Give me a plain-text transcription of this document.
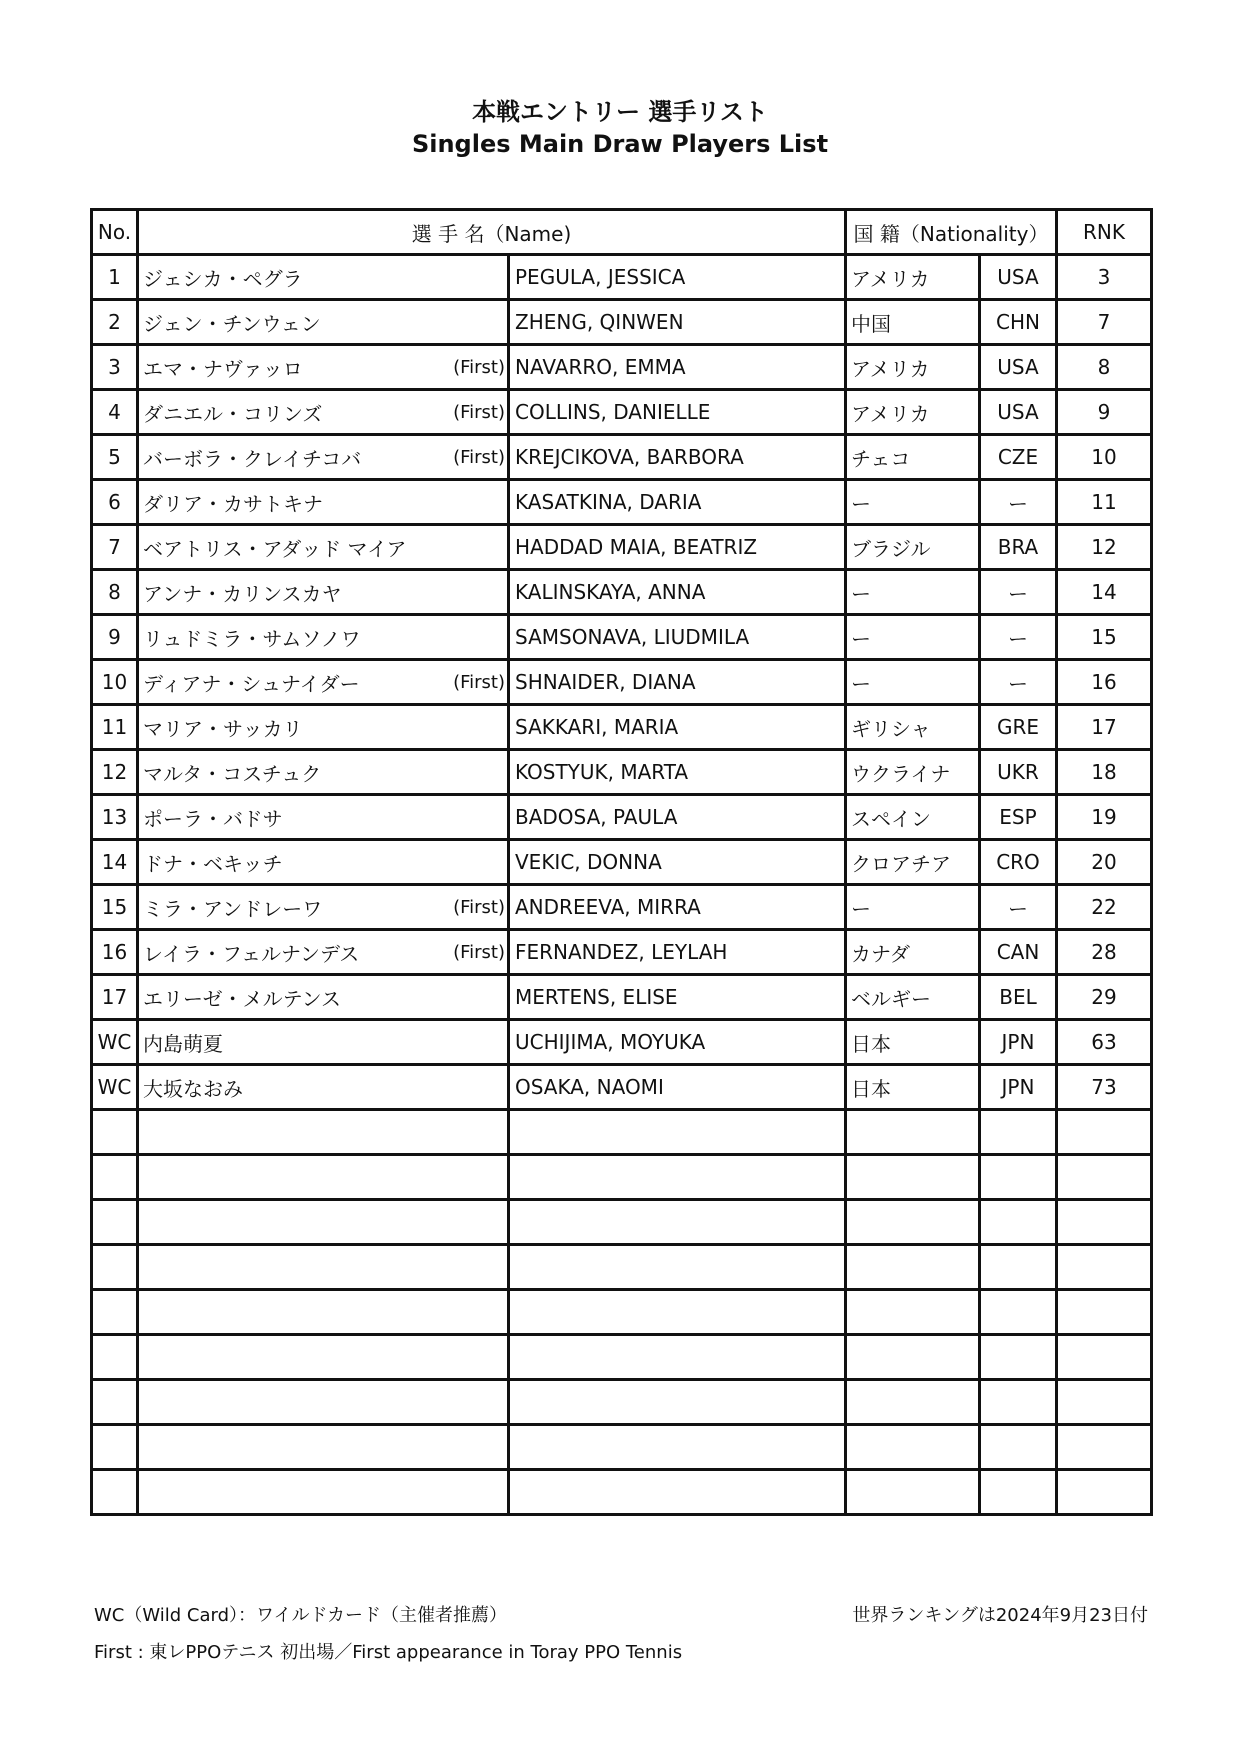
本戦エントリー 選手リスト
Singles Main Draw Players List
No.	選 手 名（Name)		国 籍（Nationality）		RNK
1	ジェシカ・ペグラ	PEGULA, JESSICA	アメリカ	USA	3
2	ジェン・チンウェン	ZHENG, QINWEN	中国	CHN	7
3	エマ・ナヴァッロ (First)	NAVARRO, EMMA	アメリカ	USA	8
4	ダニエル・コリンズ (First)	COLLINS, DANIELLE	アメリカ	USA	9
5	バーボラ・クレイチコバ (First)	KREJCIKOVA, BARBORA	チェコ	CZE	10
6	ダリア・カサトキナ	KASATKINA, DARIA	ー	ー	11
7	ベアトリス・アダッド マイア	HADDAD MAIA, BEATRIZ	ブラジル	BRA	12
8	アンナ・カリンスカヤ	KALINSKAYA, ANNA	ー	ー	14
9	リュドミラ・サムソノワ	SAMSONAVA, LIUDMILA	ー	ー	15
10	ディアナ・シュナイダー (First)	SHNAIDER, DIANA	ー	ー	16
11	マリア・サッカリ	SAKKARI, MARIA	ギリシャ	GRE	17
12	マルタ・コスチュク	KOSTYUK, MARTA	ウクライナ	UKR	18
13	ポーラ・バドサ	BADOSA, PAULA	スペイン	ESP	19
14	ドナ・ベキッチ	VEKIC, DONNA	クロアチア	CRO	20
15	ミラ・アンドレーワ (First)	ANDREEVA, MIRRA	ー	ー	22
16	レイラ・フェルナンデス (First)	FERNANDEZ, LEYLAH	カナダ	CAN	28
17	エリーゼ・メルテンス	MERTENS, ELISE	ベルギー	BEL	29
WC	内島萌夏	UCHIJIMA, MOYUKA	日本	JPN	63
WC	大坂なおみ	OSAKA, NAOMI	日本	JPN	73

WC（Wild Card）：ワイルドカード（主催者推薦）	世界ランキングは2024年9月23日付
First : 東レPPOテニス 初出場／First appearance in Toray PPO Tennis
